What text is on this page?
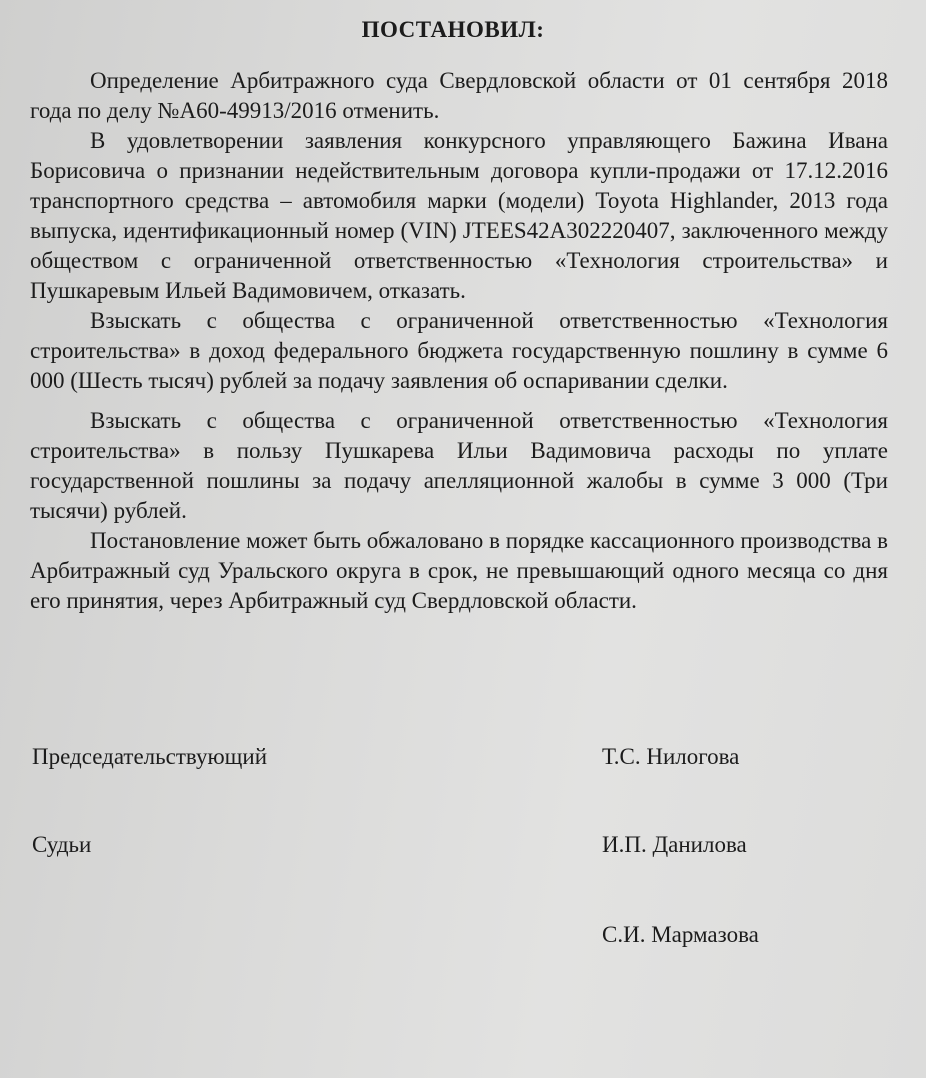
ПОСТАНОВИЛ:

Определение Арбитражного суда Свердловской области от 01 сентября 2018 года по делу №А60-49913/2016 отменить.

В удовлетворении заявления конкурсного управляющего Бажина Ивана Борисовича о признании недействительным договора купли-продажи от 17.12.2016 транспортного средства – автомобиля марки (модели) Toyota Highlander, 2013 года выпуска, идентификационный номер (VIN) JTEES42A302220407, заключенного между обществом с ограниченной ответственностью «Технология строительства» и Пушкаревым Ильей Вадимовичем, отказать.

Взыскать с общества с ограниченной ответственностью «Технология строительства» в доход федерального бюджета государственную пошлину в сумме 6 000 (Шесть тысяч) рублей за подачу заявления об оспаривании сделки.

Взыскать с общества с ограниченной ответственностью «Технология строительства» в пользу Пушкарева Ильи Вадимовича расходы по уплате государственной пошлины за подачу апелляционной жалобы в сумме 3 000 (Три тысячи) рублей.

Постановление может быть обжаловано в порядке кассационного производства в Арбитражный суд Уральского округа в срок, не превышающий одного месяца со дня его принятия, через Арбитражный суд Свердловской области.

Председательствующий	Т.С. Нилогова
Судьи	И.П. Данилова
С.И. Мармазова
